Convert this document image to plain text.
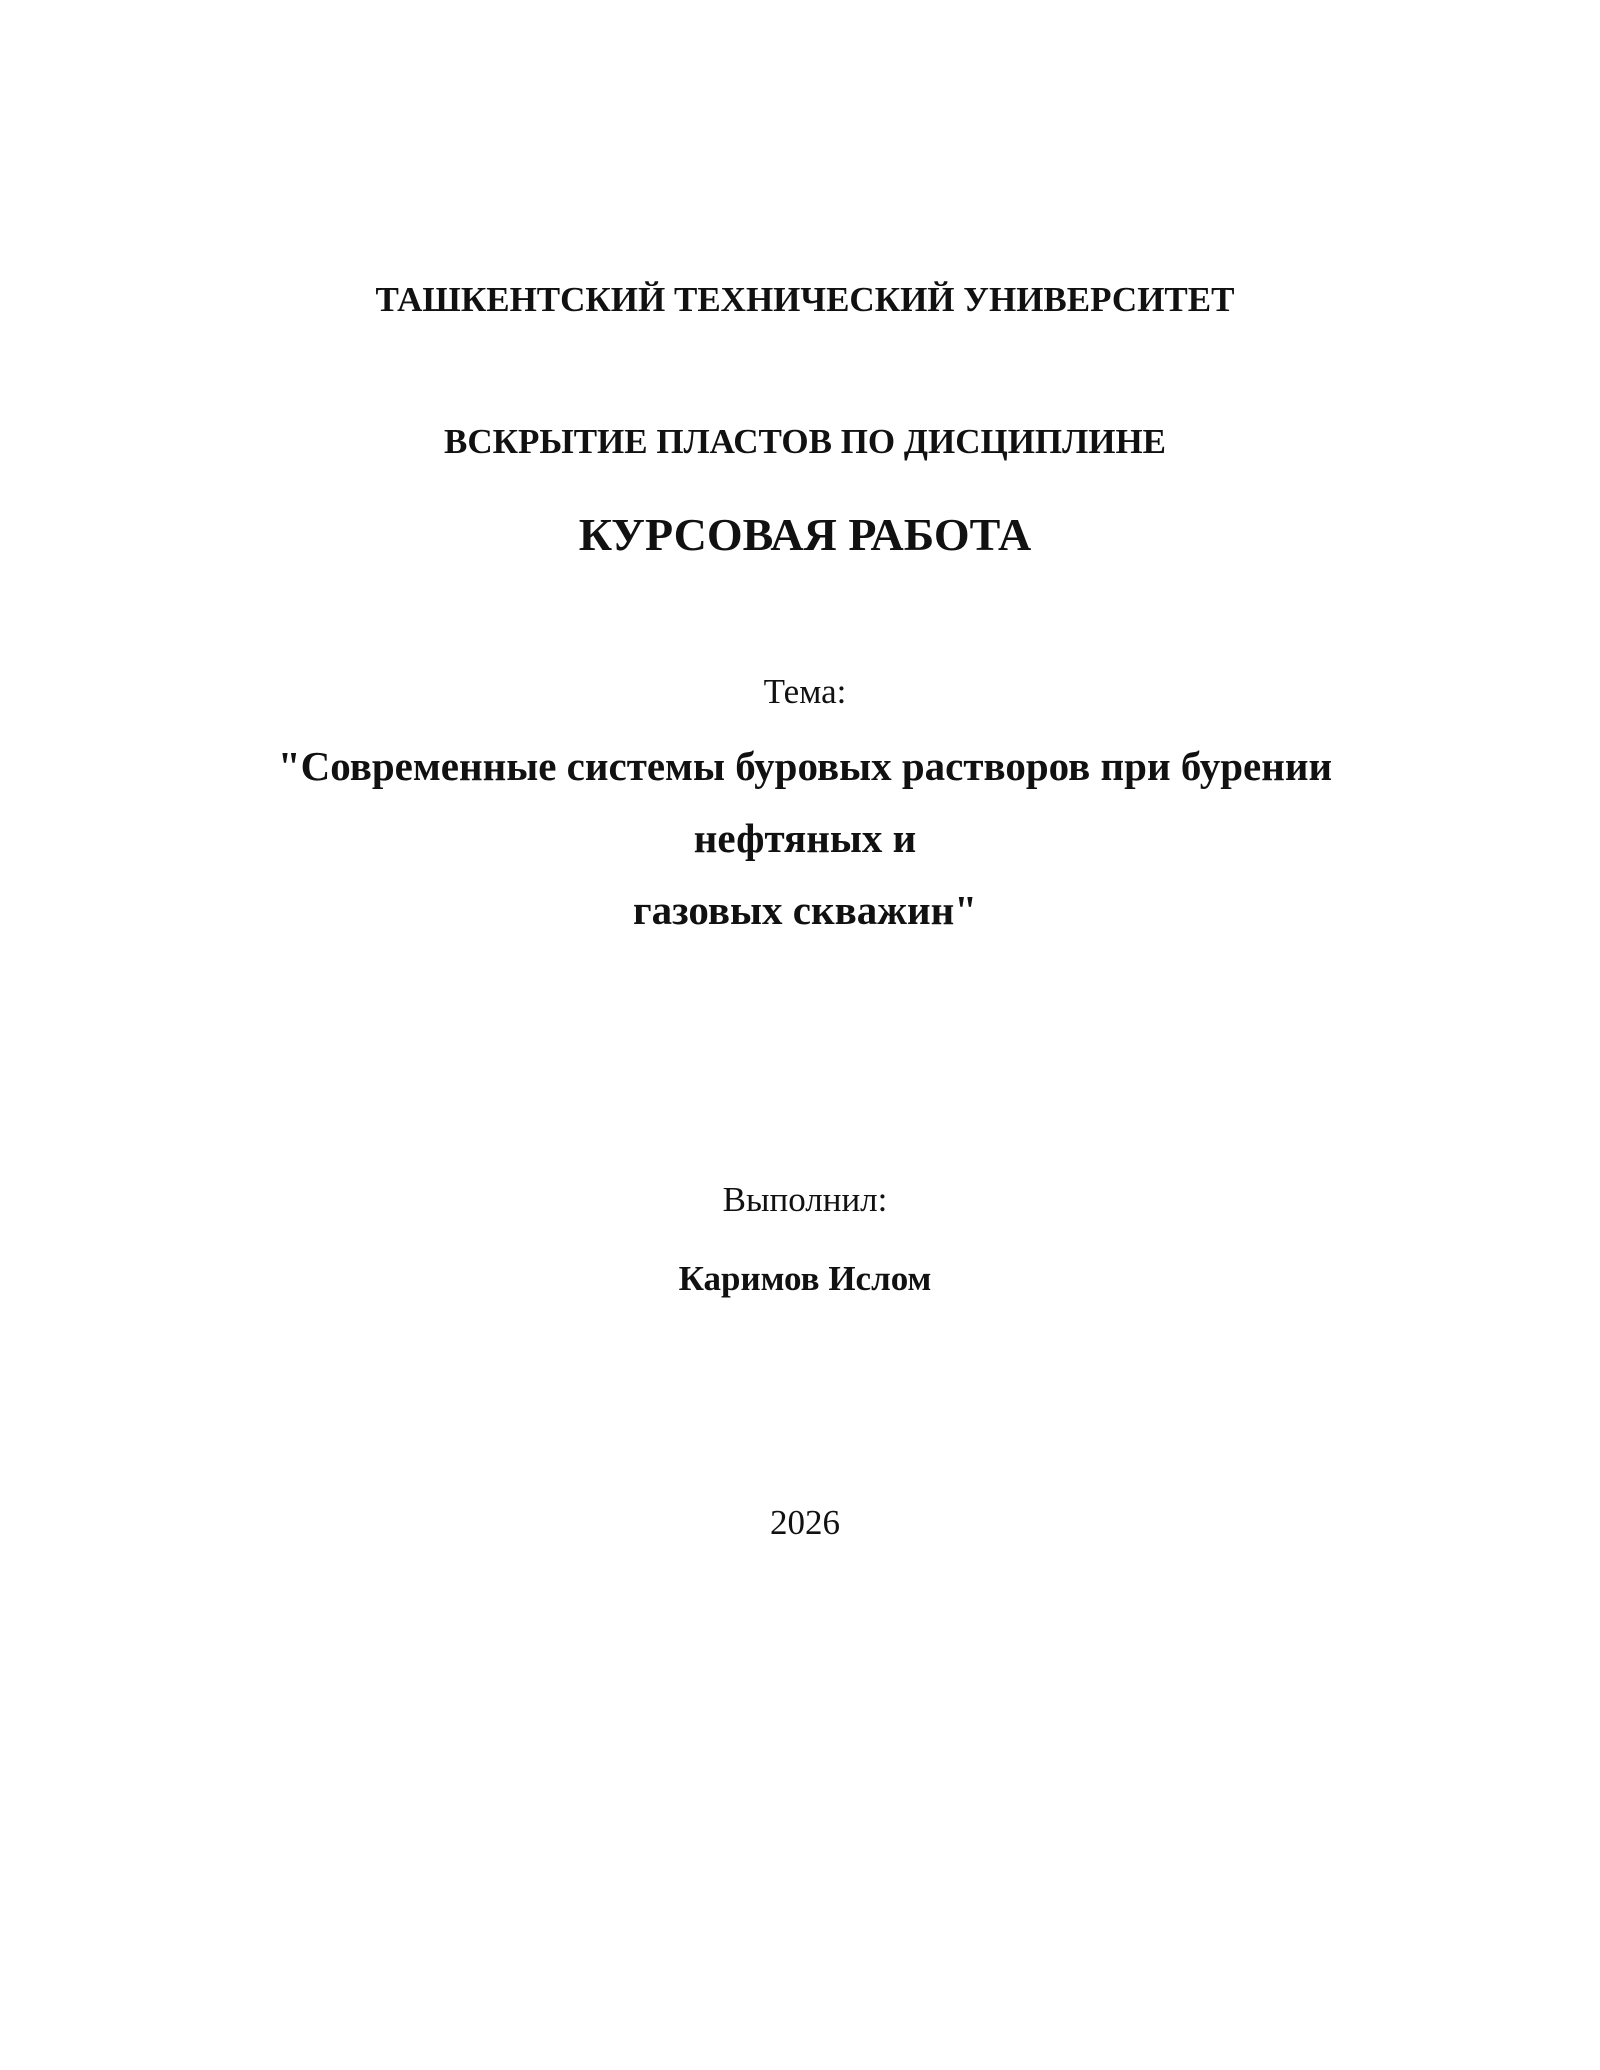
ТАШКЕНТСКИЙ ТЕХНИЧЕСКИЙ УНИВЕРСИТЕТ
ВСКРЫТИЕ ПЛАСТОВ ПО ДИСЦИПЛИНЕ
КУРСОВАЯ РАБОТА
Тема:
"Современные системы буровых растворов при бурении
нефтяных и
газовых скважин"
Выполнил:
Каримов Ислом
2026
